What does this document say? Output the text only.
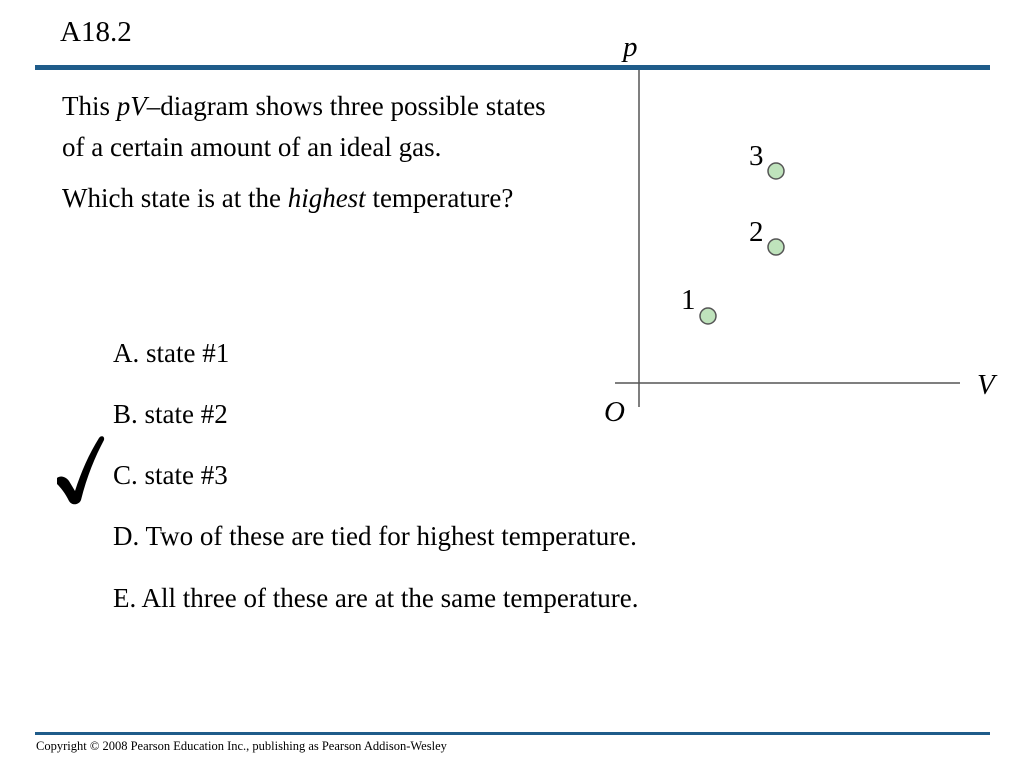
A18.2

This pV–diagram shows three possible states of a certain amount of an ideal gas.

Which state is at the highest temperature?

A. state #1
B. state #2
C. state #3
D. Two of these are tied for highest temperature.
E. All three of these are at the same temperature.
p
V
O
3
2
1
Copyright © 2008 Pearson Education Inc., publishing as Pearson Addison-Wesley
